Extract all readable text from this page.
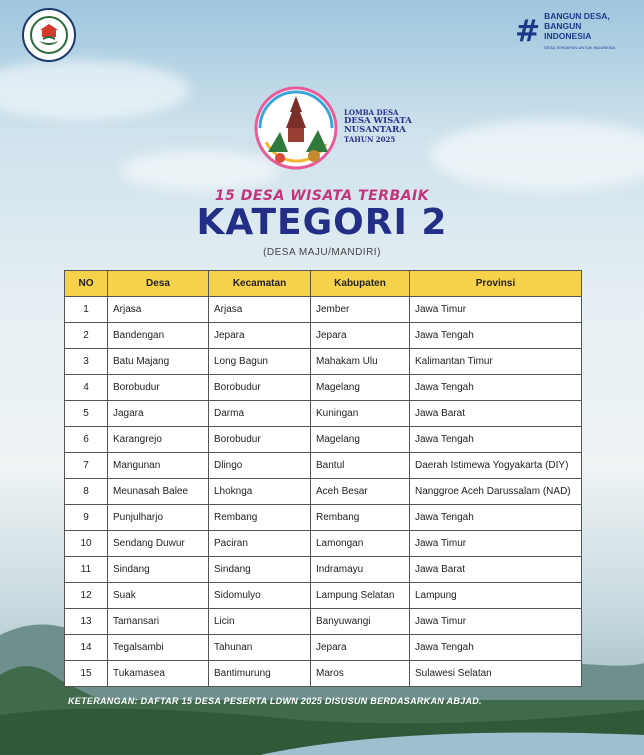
# BANGUN DESA,
BANGUN INDONESIA
DESA TERDEPAN UNTUK INDONESIA
LOMBA DESA
DESA WISATA
NUSANTARA
TAHUN 2025
15 DESA WISATA TERBAIK
KATEGORI 2
(DESA MAJU/MANDIRI)
NO	Desa	Kecamatan	Kabupaten	Provinsi
1	Arjasa	Arjasa	Jember	Jawa Timur
2	Bandengan	Jepara	Jepara	Jawa Tengah
3	Batu Majang	Long Bagun	Mahakam Ulu	Kalimantan Timur
4	Borobudur	Borobudur	Magelang	Jawa Tengah
5	Jagara	Darma	Kuningan	Jawa Barat
6	Karangrejo	Borobudur	Magelang	Jawa Tengah
7	Mangunan	Dlingo	Bantul	Daerah Istimewa Yogyakarta (DIY)
8	Meunasah Balee	Lhoknga	Aceh Besar	Nanggroe Aceh Darussalam (NAD)
9	Punjulharjo	Rembang	Rembang	Jawa Tengah
10	Sendang Duwur	Paciran	Lamongan	Jawa Timur
11	Sindang	Sindang	Indramayu	Jawa Barat
12	Suak	Sidomulyo	Lampung Selatan	Lampung
13	Tamansari	Licin	Banyuwangi	Jawa Timur
14	Tegalsambi	Tahunan	Jepara	Jawa Tengah
15	Tukamasea	Bantimurung	Maros	Sulawesi Selatan
KETERANGAN: DAFTAR 15 DESA PESERTA LDWN 2025 DISUSUN BERDASARKAN ABJAD.
